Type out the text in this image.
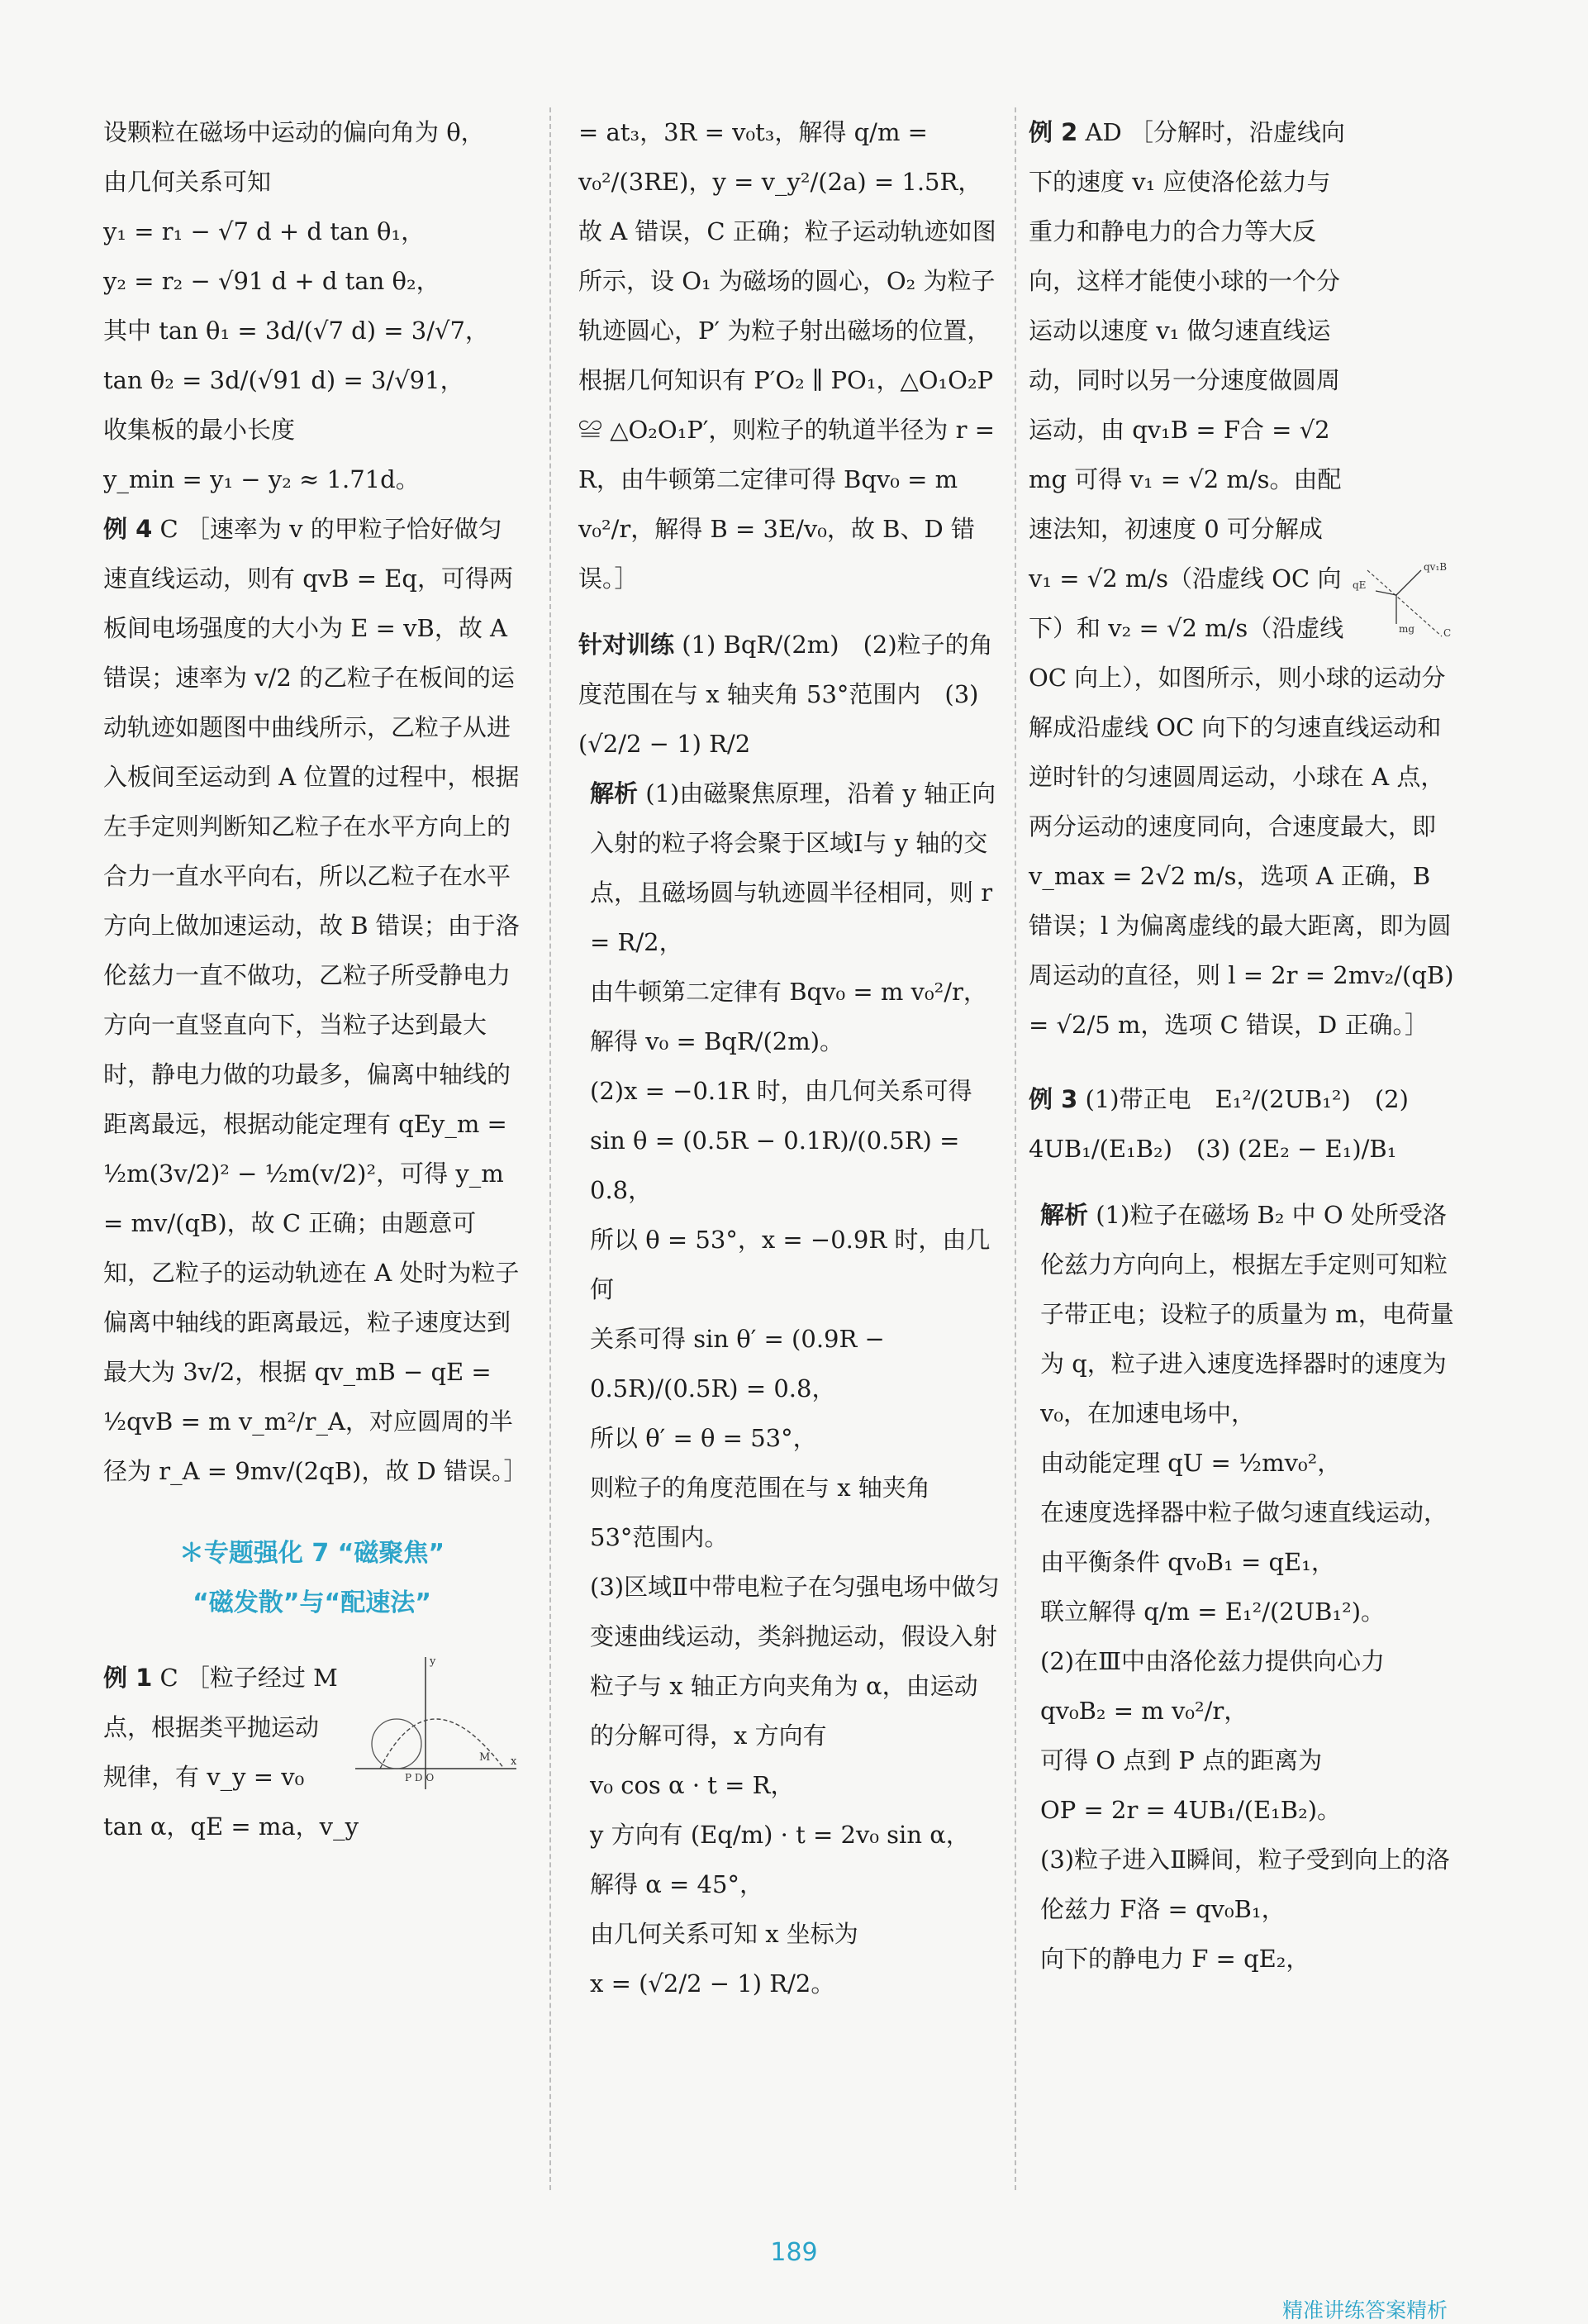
设颗粒在磁场中运动的偏向角为 θ，

由几何关系可知

y₁ = r₁ − √7 d + d tan θ₁，

y₂ = r₂ − √91 d + d tan θ₂，

其中 tan θ₁ = 3d/(√7 d) = 3/√7，

tan θ₂ = 3d/(√91 d) = 3/√91，

收集板的最小长度

y_min = y₁ − y₂ ≈ 1.71d。

例 4 C ［速率为 v 的甲粒子恰好做匀速直线运动，则有 qvB = Eq，可得两板间电场强度的大小为 E = vB，故 A 错误；速率为 v/2 的乙粒子在板间的运动轨迹如题图中曲线所示，乙粒子从进入板间至运动到 A 位置的过程中，根据左手定则判断知乙粒子在水平方向上的合力一直水平向右，所以乙粒子在水平方向上做加速运动，故 B 错误；由于洛伦兹力一直不做功，乙粒子所受静电力方向一直竖直向下，当粒子达到最大时，静电力做的功最多，偏离中轴线的距离最远，根据动能定理有 qEy_m = ½m(3v/2)² − ½m(v/2)²，可得 y_m = mv/(qB)，故 C 正确；由题意可知，乙粒子的运动轨迹在 A 处时为粒子偏离中轴线的距离最远，粒子速度达到最大为 3v/2，根据 qv_mB − qE = ½qvB = m v_m²/r_A，对应圆周的半径为 r_A = 9mv/(2qB)，故 D 错误。］

＊专题强化 7 “磁聚焦”
“磁发散”与“配速法”
y
x
M
P D O
例 1 C ［粒子经过 M 点，根据类平抛运动规律，有 v_y = v₀ tan α，qE = ma，v_y

= at₃，3R = v₀t₃，解得 q/m = v₀²/(3RE)，y = v_y²/(2a) = 1.5R，故 A 错误，C 正确；粒子运动轨迹如图所示，设 O₁ 为磁场的圆心，O₂ 为粒子轨迹圆心，P′ 为粒子射出磁场的位置，根据几何知识有 P′O₂ ∥ PO₁，△O₁O₂P ≌ △O₂O₁P′，则粒子的轨道半径为 r = R，由牛顿第二定律可得 Bqv₀ = m v₀²/r，解得 B = 3E/v₀，故 B、D 错误。］

针对训练 (1) BqR/(2m)　(2)粒子的角度范围在与 x 轴夹角 53°范围内　(3)(√2/2 − 1) R/2

解析 (1)由磁聚焦原理，沿着 y 轴正向入射的粒子将会聚于区域Ⅰ与 y 轴的交点，且磁场圆与轨迹圆半径相同，则 r = R/2，

由牛顿第二定律有 Bqv₀ = m v₀²/r，

解得 v₀ = BqR/(2m)。

(2)x = −0.1R 时，由几何关系可得

sin θ = (0.5R − 0.1R)/(0.5R) = 0.8，

所以 θ = 53°，x = −0.9R 时，由几何

关系可得 sin θ′ = (0.9R − 0.5R)/(0.5R) = 0.8，

所以 θ′ = θ = 53°，

则粒子的角度范围在与 x 轴夹角

53°范围内。

(3)区域Ⅱ中带电粒子在匀强电场中做匀变速曲线运动，类斜抛运动，假设入射粒子与 x 轴正方向夹角为 α，由运动的分解可得，x 方向有

v₀ cos α · t = R，

y 方向有 (Eq/m) · t = 2v₀ sin α，

解得 α = 45°，

由几何关系可知 x 坐标为

x = (√2/2 − 1) R/2。

qv₁B
qE
mg	C
例 2 AD ［分解时，沿虚线向下的速度 v₁ 应使洛伦兹力与重力和静电力的合力等大反向，这样才能使小球的一个分运动以速度 v₁ 做匀速直线运动，同时以另一分速度做圆周运动，由 qv₁B = F合 = √2 mg 可得 v₁ = √2 m/s。由配速法知，初速度 0 可分解成 v₁ = √2 m/s（沿虚线 OC 向下）和 v₂ = √2 m/s（沿虚线 OC 向上），如图所示，则小球的运动分解成沿虚线 OC 向下的匀速直线运动和逆时针的匀速圆周运动，小球在 A 点，两分运动的速度同向，合速度最大，即 v_max = 2√2 m/s，选项 A 正确，B 错误；l 为偏离虚线的最大距离，即为圆周运动的直径，则 l = 2r = 2mv₂/(qB) = √2/5 m，选项 C 错误，D 正确。］

例 3 (1)带正电　E₁²/(2UB₁²)　(2) 4UB₁/(E₁B₂)　(3) (2E₂ − E₁)/B₁

解析 (1)粒子在磁场 B₂ 中 O 处所受洛伦兹力方向向上，根据左手定则可知粒子带正电；设粒子的质量为 m，电荷量为 q，粒子进入速度选择器时的速度为 v₀，在加速电场中，

由动能定理 qU = ½mv₀²，

在速度选择器中粒子做匀速直线运动，由平衡条件 qv₀B₁ = qE₁，

联立解得 q/m = E₁²/(2UB₁²)。

(2)在Ⅲ中由洛伦兹力提供向心力

qv₀B₂ = m v₀²/r，

可得 O 点到 P 点的距离为

OP = 2r = 4UB₁/(E₁B₂)。

(3)粒子进入Ⅱ瞬间，粒子受到向上的洛伦兹力 F洛 = qv₀B₁，

向下的静电力 F = qE₂，

189
精准讲练答案精析
